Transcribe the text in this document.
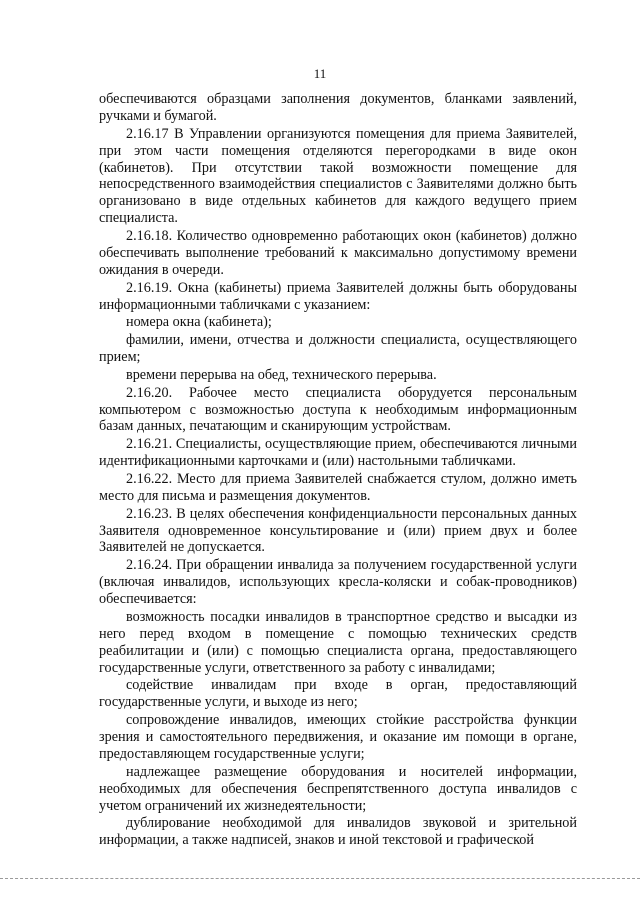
11

обеспечиваются образцами заполнения документов, бланками заявлений, ручками и бумагой.

2.16.17 В Управлении организуются помещения для приема Заявителей, при этом части помещения отделяются перегородками в виде окон (кабинетов). При отсутствии такой возможности помещение для непосредственного взаимодействия специалистов с Заявителями должно быть организовано в виде отдельных кабинетов для каждого ведущего прием специалиста.

2.16.18. Количество одновременно работающих окон (кабинетов) должно обеспечивать выполнение требований к максимально допустимому времени ожидания в очереди.

2.16.19. Окна (кабинеты) приема Заявителей должны быть оборудованы информационными табличками с указанием:

номера окна (кабинета);

фамилии, имени, отчества и должности специалиста, осуществляющего прием;

времени перерыва на обед, технического перерыва.

2.16.20. Рабочее место специалиста оборудуется персональным компьютером с возможностью доступа к необходимым информационным базам данных, печатающим и сканирующим устройствам.

2.16.21. Специалисты, осуществляющие прием, обеспечиваются личными идентификационными карточками и (или) настольными табличками.

2.16.22. Место для приема Заявителей снабжается стулом, должно иметь место для письма и размещения документов.

2.16.23. В целях обеспечения конфиденциальности персональных данных Заявителя одновременное консультирование и (или) прием двух и более Заявителей не допускается.

2.16.24. При обращении инвалида за получением государственной услуги (включая инвалидов, использующих кресла-коляски и собак-проводников) обеспечивается:

возможность посадки инвалидов в транспортное средство и высадки из него перед входом в помещение с помощью технических средств реабилитации и (или) с помощью специалиста органа, предоставляющего государственные услуги, ответственного за работу с инвалидами;

содействие инвалидам при входе в орган, предоставляющий государственные услуги, и выходе из него;

сопровождение инвалидов, имеющих стойкие расстройства функции зрения и самостоятельного передвижения, и оказание им помощи в органе, предоставляющем государственные услуги;

надлежащее размещение оборудования и носителей информации, необходимых для обеспечения беспрепятственного доступа инвалидов с учетом ограничений их жизнедеятельности;

дублирование необходимой для инвалидов звуковой и зрительной информации, а также надписей, знаков и иной текстовой и графической
